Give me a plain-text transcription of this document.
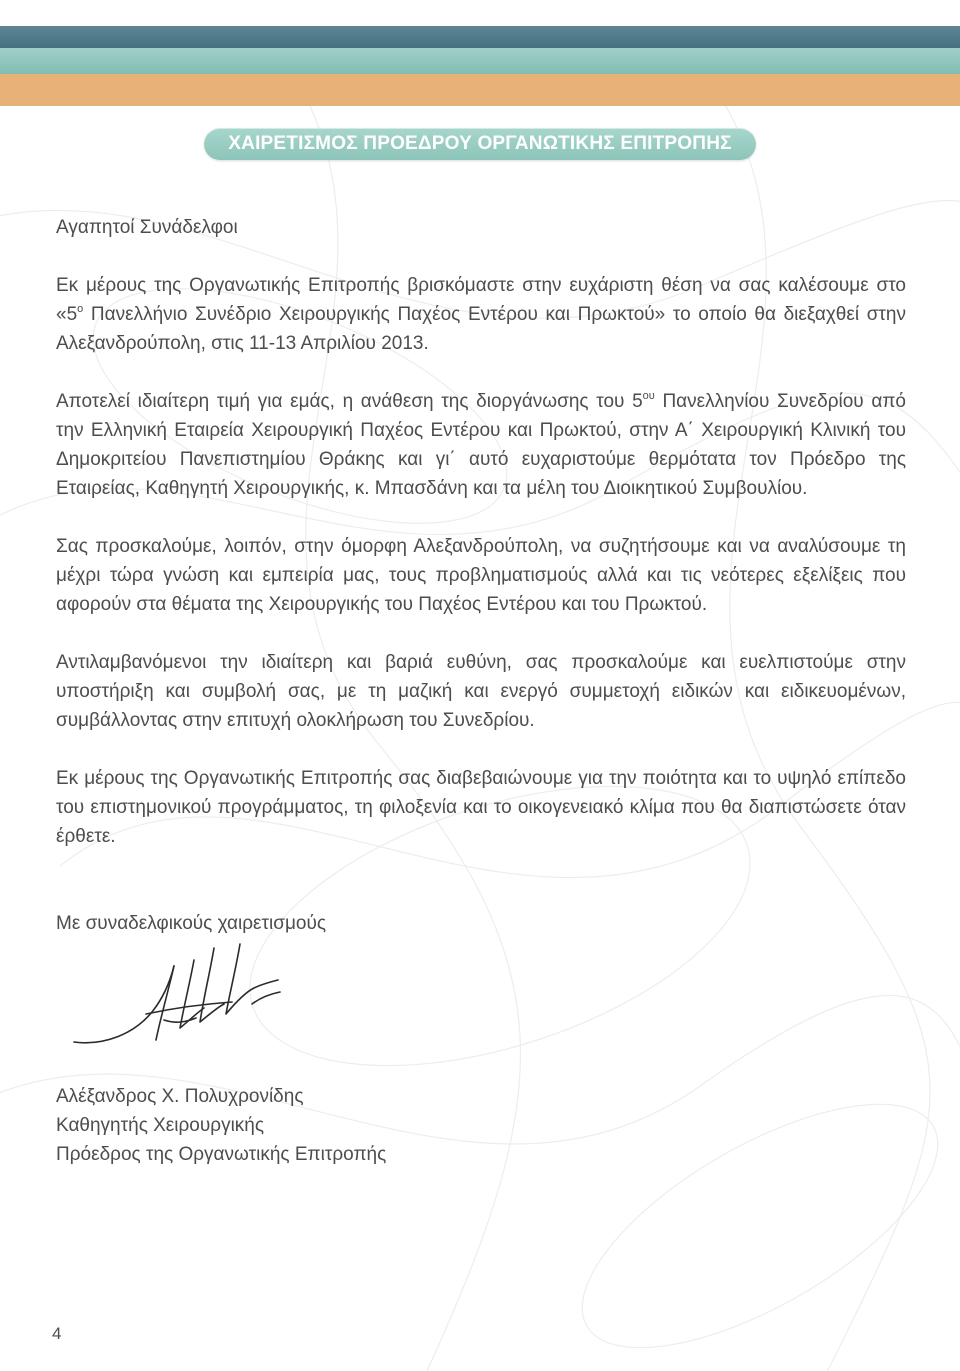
ΧΑΙΡΕΤΙΣΜΟΣ ΠΡΟΕΔΡΟΥ ΟΡΓΑΝΩΤΙΚΗΣ ΕΠΙΤΡΟΠΗΣ

Αγαπητοί Συνάδελφοι

Εκ μέρους της Οργανωτικής Επιτροπής βρισκόμαστε στην ευχάριστη θέση να σας καλέσουμε στο «$5^o$ Πανελλήνιο Συνέδριο Χειρουργικής Παχέος Εντέρου και Πρωκτού» το οποίο θα διεξαχθεί στην Αλεξανδρούπολη, στις 11-13 Απριλίου 2013.

Αποτελεί ιδιαίτερη τιμή για εμάς, η ανάθεση της διοργάνωσης του $5^{o\upsilon}$ Πανελληνίου Συνεδρίου από την Ελληνική Εταιρεία Χειρουργική Παχέος Εντέρου και Πρωκτού, στην Α΄ Χειρουργική Κλινική του Δημοκριτείου Πανεπιστημίου Θράκης και γι΄ αυτό ευχαριστούμε θερμότατα τον Πρόεδρο της Εταιρείας, Καθηγητή Χειρουργικής, κ. Μπασδάνη και τα μέλη του Διοικητικού Συμβουλίου.

Σας προσκαλούμε, λοιπόν, στην όμορφη Αλεξανδρούπολη, να συζητήσουμε και να αναλύσουμε τη μέχρι τώρα γνώση και εμπειρία μας, τους προβληματισμούς αλλά και τις νεότερες εξελίξεις που αφορούν στα θέματα της Χειρουργικής του Παχέος Εντέρου και του Πρωκτού.

Αντιλαμβανόμενοι την ιδιαίτερη και βαριά ευθύνη, σας προσκαλούμε και ευελπιστούμε στην υποστήριξη και συμβολή σας, με τη μαζική και ενεργό συμμετοχή ειδικών και ειδικευομένων, συμβάλλοντας στην επιτυχή ολοκλήρωση του Συνεδρίου.

Εκ μέρους της Οργανωτικής Επιτροπής σας διαβεβαιώνουμε για την ποιότητα και το υψηλό επίπεδο του επιστημονικού προγράμματος, τη φιλοξενία και το οικογενειακό κλίμα που θα διαπιστώσετε όταν έρθετε.

Με συναδελφικούς χαιρετισμούς

Αλέξανδρος Χ. Πολυχρονίδης

Καθηγητής Χειρουργικής

Πρόεδρος της Οργανωτικής Επιτροπής

4
